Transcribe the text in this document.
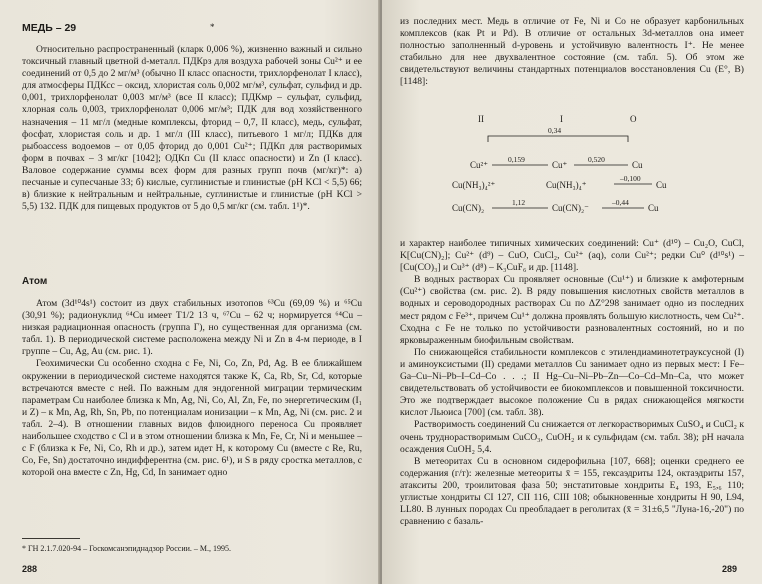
МЕДЬ – 29	*

Относительно распространенный (кларк 0,006 %), жизненно важный и сильно токсичный главный цветной d-металл. ПДКрз для воздуха рабочей зоны Cu²⁺ и ее соединений от 0,5 до 2 мг/м³ (обычно II класс опасности, трихлорфенолат I класс), для атмосферы ПДКсс – оксид, хлористая соль 0,002 мг/м³, сульфат, сульфид и др. 0,001, трихлорфенолат 0,003 мг/м³ (все II класс); ПДКмр – сульфат, сульфид, хлорная соль 0,003, трихлорфенолат 0,006 мг/м³; ПДК для вод хозяйственного назначения – 11 мг/л (медные комплексы, фторид – 0,7, II класс), медь, сульфат, фосфат, хлористая соль и др. 1 мг/л (III класс), питьевого 1 мг/л; ПДКв для рыбоaccess водоемов – от 0,05 фторид до 0,001 Cu²⁺; ПДКп для растворимых форм в почвах – 3 мг/кг [1042]; ОДКп Cu (II класс опасности) и Zn (I класс). Валовое содержание суммы всех форм для разных групп почв (мг/кг)*: а) песчаные и супесчаные 33; б) кислые, суглинистые и глинистые (pH KCl < 5,5) 66; в) близкие к нейтральным и нейтральные, суглинистые и глинистые (pH KCl > 5,5) 132. ПДК для пищевых продуктов от 5 до 0,5 мг/кг (см. табл. 1¹)*.

Атом

Атом (3d¹⁰4s¹) состоит из двух стабильных изотопов ⁶³Cu (69,09 %) и ⁶⁵Cu (30,91 %); радионуклид ⁶⁴Cu имеет T1/2 13 ч, ⁶⁷Cu – 62 ч; нормируется ⁶⁴Cu – низкая радиационная опасность (группа Г), но существенная для организма (см. табл. 1). В периодической системе расположена между Ni и Zn в 4-м периоде, в I группе – Cu, Ag, Au (см. рис. 1).

Геохимически Cu особенно сходна с Fe, Ni, Co, Zn, Pd, Ag. В ее ближайшем окружении в периодической системе находятся также K, Ca, Rb, Sr, Cd, которые встречаются вместе с ней. По важным для эндогенной миграции термическим параметрам Cu наиболее близка к Mn, Ag, Ni, Co, Al, Zn, Fe, по энергетическим (I₁ и Z) – к Mn, Ag, Rh, Sn, Pb, по потенциалам ионизации – к Mn, Ag, Ni (см. рис. 2 и табл. 2–4). В отношении главных видов флюидного переноса Cu проявляет наибольшее сходство с Cl и в этом отношении близка к Mn, Fe, Cr, Ni и меньшее – с F (близка к Fe, Ni, Co, Rh и др.), затем идет H, к которому Cu (вместе с Re, Ru, Co, Fe, Sn) достаточно индифферентна (см. рис. 6¹), и S в ряду сростка металлов, с которой она вместе с Zn, Hg, Cd, In занимает одно

* ГН 2.1.7.020-94 – Госкомсанэпиднадзор России. – М., 1995.
288

из последних мест. Медь в отличие от Fe, Ni и Co не образует карбонильных комплексов (как Pt и Pd). В отличие от остальных 3d-металлов она имеет полностью заполненный d-уровень и устойчивую валентность I⁺. Не менее стабильно для нее двухвалентное состояние (см. табл. 5). Об этом же свидетельствуют величины стандартных потенциалов восстановления Cu (E°, В) [1148]:

II	I	O
0,34
0,159	0,520
Cu²⁺	Cu⁺	Cu
–0,100
Cu(NH₃)₄²⁺	Cu(NH₃)₄⁺	Cu
1,12	–0,44
Cu(CN)₂	Cu(CN)₂⁻	Cu

и характер наиболее типичных химических соединений: Cu⁺ (d¹⁰) – Cu₂O, CuCl, K[Cu(CN)₂]; Cu²⁺ (d⁹) – CuO, CuCl₂, Cu²⁺ (aq), соли Cu²⁺; редки Cu⁰ (d¹⁰s¹) – [Cu(CO)₃] и Cu³⁺ (d⁸) – K₃CuF₆ и др. [1148].

В водных растворах Cu проявляет основные (Cu¹⁺) и близкие к амфотерным (Cu²⁺) свойства (см. рис. 2). В ряду повышения кислотных свойств металлов в водных и сероводородных растворах Cu по ΔZ°298 занимает одно из последних мест рядом с Fe³⁺, причем Cu¹⁺ должна проявлять большую кислотность, чем Cu²⁺. Сходна с Fe не только по устойчивости разновалентных состояний, но и по ярковыраженным биофильным свойствам.

По снижающейся стабильности комплексов с этилендиаминотетрауксусной (I) и аминоуксистыми (II) средами металлов Cu занимает одно из первых мест: I Fe–Ga–Cu–Ni–Pb–I–Cd–Co . . .; II Hg–Cu–Ni–Pb–Zn––Co–Cd–Mn–Ca, что может свидетельствовать об устойчивости ее биокомплексов и повышенной токсичности. Это же подтверждает высокое положение Cu в рядах снижающейся мягкости кислот Льюиса [700] (см. табл. 38).

Растворимость соединений Cu снижается от легкорастворимых CuSO₄ и CuCl₂ к очень труднорастворимым CuCO₃, CuOH₂ и к сульфидам (см. табл. 38); pH начала осаждения CuOH₂ 5,4.

В метеоритах Cu в основном сидерофильна [107, 668]; оценки среднего ее содержания (г/т): железные метеориты x̄ = 155, гексаэдриты 124, октаэдриты 157, атакситы 200, троилитовая фаза 50; энстатитовые хондриты E₄ 193, E₅,₆ 110; углистые хондриты CI 127, CII 116, CIII 108; обыкновенные хондриты H 90, L94, LL80. В лунных породах Cu преобладает в реголитах (x̄ = 31±6,5 "Луна-16,-20") по сравнению с базаль-

289
